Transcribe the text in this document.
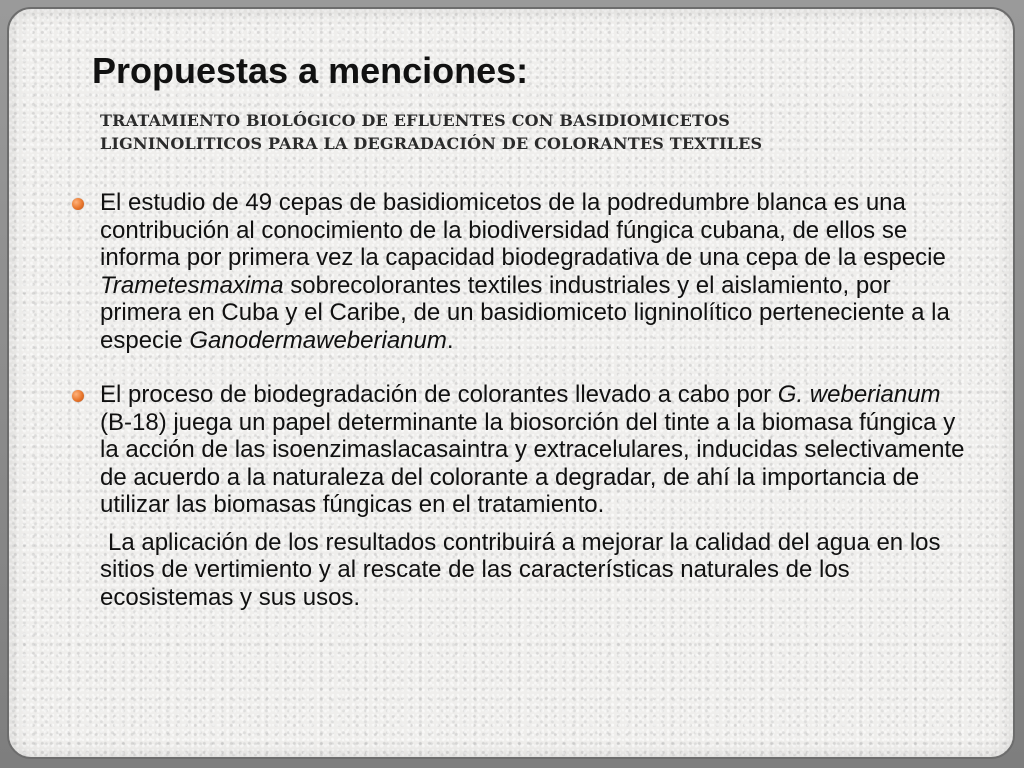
Propuestas a menciones:
TRATAMIENTO BIOLÓGICO DE EFLUENTES CON BASIDIOMICETOS
LIGNINOLITICOS PARA LA DEGRADACIÓN DE COLORANTES TEXTILES

El estudio de 49 cepas de basidiomicetos de la podredumbre blanca es una contribución al conocimiento de la biodiversidad fúngica cubana, de ellos se informa por primera vez la capacidad biodegradativa de una cepa de la especie Trametesmaxima sobrecolorantes textiles industriales y el aislamiento, por primera en Cuba y el Caribe, de un basidiomiceto ligninolítico perteneciente a la especie Ganodermaweberianum.

El proceso de biodegradación de colorantes llevado a cabo por G. weberianum (B-18) juega un papel determinante la biosorción del tinte a la biomasa fúngica y la acción de las isoenzimaslacasaintra y extracelulares, inducidas selectivamente de acuerdo a la naturaleza del colorante a degradar, de ahí la importancia de utilizar las biomasas fúngicas en el tratamiento.

La aplicación de los resultados contribuirá a mejorar la calidad del agua en los sitios de vertimiento y al rescate de las características naturales de los ecosistemas y sus usos.
